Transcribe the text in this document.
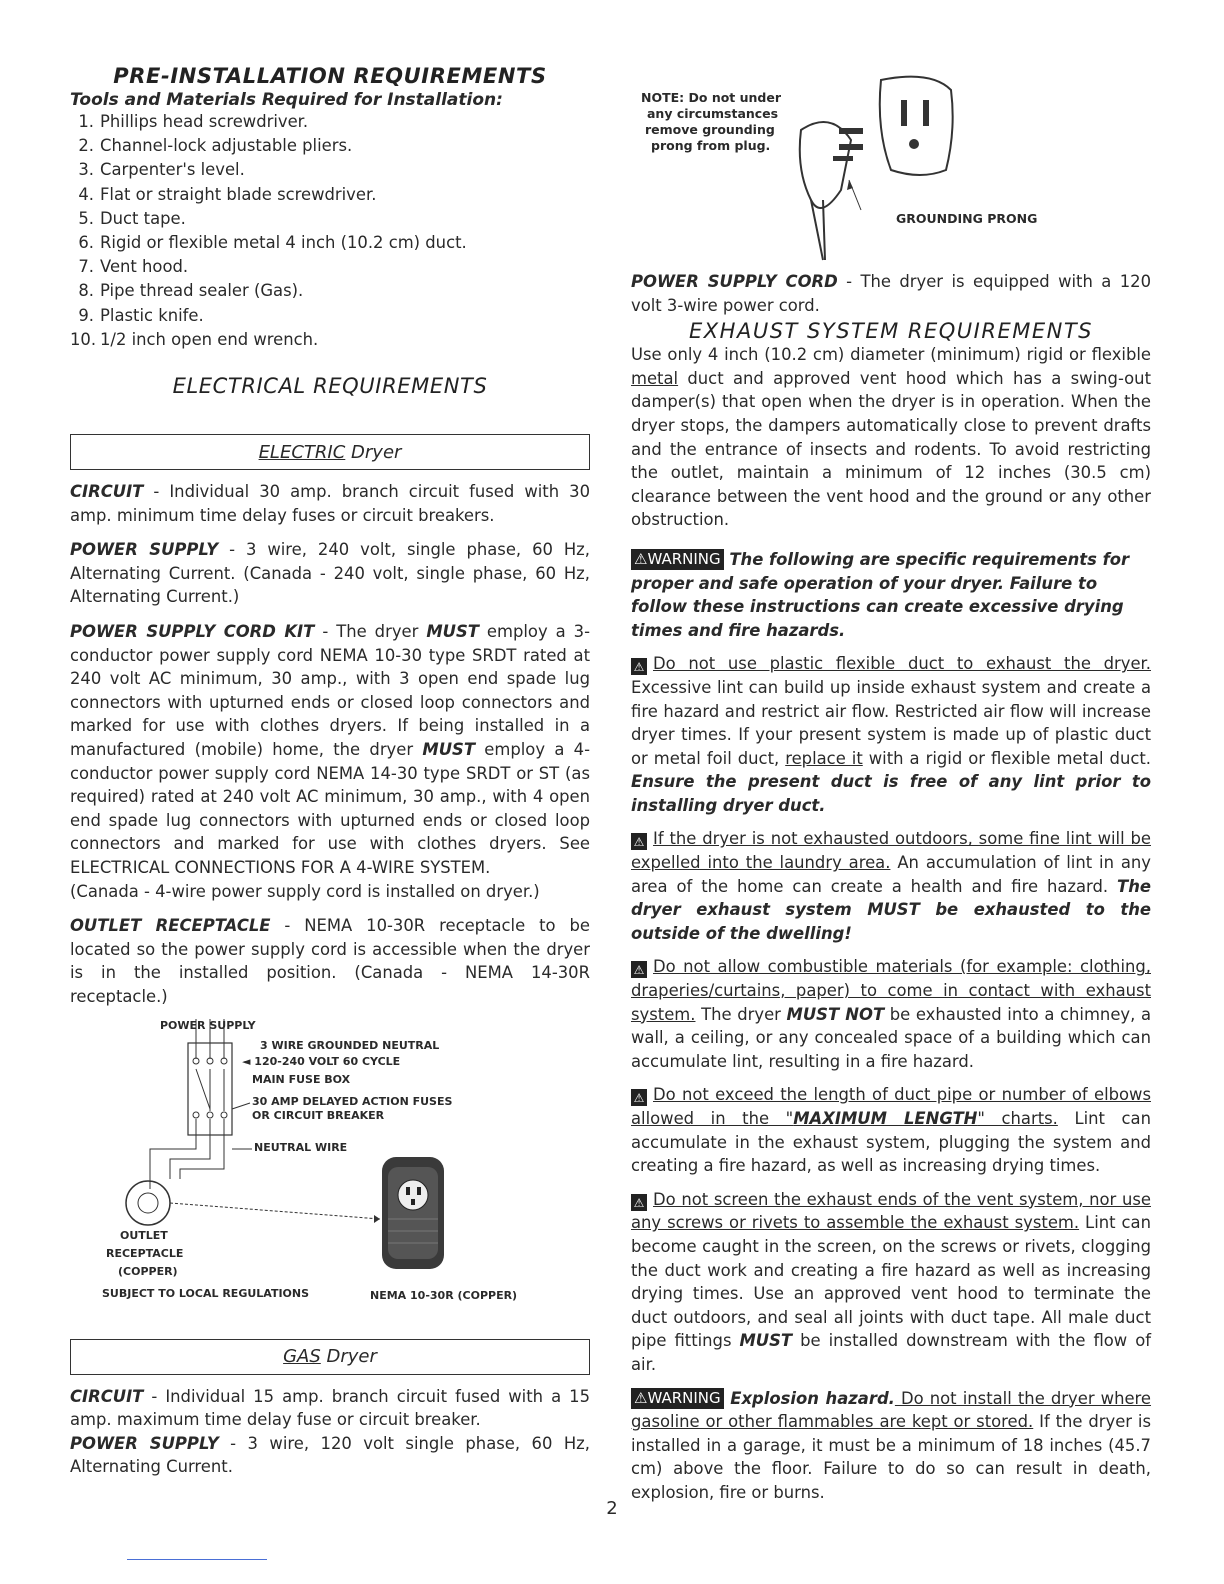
PRE-INSTALLATION REQUIREMENTS
Tools and Materials Required for Installation:
1. Phillips head screwdriver.
2. Channel-lock adjustable pliers.
3. Carpenter's level.
4. Flat or straight blade screwdriver.
5. Duct tape.
6. Rigid or flexible metal 4 inch (10.2 cm) duct.
7. Vent hood.
8. Pipe thread sealer (Gas).
9. Plastic knife.
10. 1/2 inch open end wrench.
ELECTRICAL REQUIREMENTS
ELECTRIC
Dryer

CIRCUIT - Individual 30 amp. branch circuit fused with 30 amp. minimum time delay fuses or circuit breakers.

POWER SUPPLY - 3 wire, 240 volt, single phase, 60 Hz, Alternating Current. (Canada - 240 volt, single phase, 60 Hz, Alternating Current.)

POWER SUPPLY CORD KIT - The dryer MUST employ a 3-conductor power supply cord NEMA 10-30 type SRDT rated at 240 volt AC minimum, 30 amp., with 3 open end spade lug connectors with upturned ends or closed loop connectors and marked for use with clothes dryers. If being installed in a manufactured (mobile) home, the dryer MUST employ a 4-conductor power supply cord NEMA 14-30 type SRDT or ST (as required) rated at 240 volt AC minimum, 30 amp., with 4 open end spade lug connectors with upturned ends or closed loop connectors and marked for use with clothes dryers. See ELECTRICAL CONNECTIONS FOR A 4-WIRE SYSTEM.
(Canada - 4-wire power supply cord is installed on dryer.)

OUTLET RECEPTACLE - NEMA 10-30R receptacle to be located so the power supply cord is accessible when the dryer is in the installed position. (Canada - NEMA 14-30R receptacle.)

POWER SUPPLY
3 WIRE GROUNDED NEUTRAL
◄ 120-240 VOLT 60 CYCLE
MAIN FUSE BOX
30 AMP DELAYED ACTION FUSES
OR CIRCUIT BREAKER
NEUTRAL WIRE
OUTLET
RECEPTACLE
(COPPER)
SUBJECT TO LOCAL REGULATIONS	NEMA 10-30R (COPPER)
GAS
Dryer

CIRCUIT - Individual 15 amp. branch circuit fused with a 15 amp. maximum time delay fuse or circuit breaker.

POWER SUPPLY - 3 wire, 120 volt single phase, 60 Hz, Alternating Current.

NOTE: Do not under
any circumstances
remove grounding
prong from plug.
GROUNDING PRONG

POWER SUPPLY CORD - The dryer is equipped with a 120 volt 3-wire power cord.

EXHAUST SYSTEM REQUIREMENTS

Use only 4 inch (10.2 cm) diameter (minimum) rigid or flexible metal duct and approved vent hood which has a swing-out damper(s) that open when the dryer is in operation. When the dryer stops, the dampers automatically close to prevent drafts and the entrance of insects and rodents. To avoid restricting the outlet, maintain a minimum of 12 inches (30.5 cm) clearance between the vent hood and the ground or any other obstruction.

⚠WARNING The following are specific requirements for proper and safe operation of your dryer. Failure to follow these instructions can create excessive drying times and fire hazards.

⚠ Do not use plastic flexible duct to exhaust the dryer. Excessive lint can build up inside exhaust system and create a fire hazard and restrict air flow. Restricted air flow will increase dryer times. If your present system is made up of plastic duct or metal foil duct, replace it with a rigid or flexible metal duct. Ensure the present duct is free of any lint prior to installing dryer duct.

⚠ If the dryer is not exhausted outdoors, some fine lint will be expelled into the laundry area. An accumulation of lint in any area of the home can create a health and fire hazard. The dryer exhaust system MUST be exhausted to the outside of the dwelling!

⚠ Do not allow combustible materials (for example: clothing, draperies/curtains, paper) to come in contact with exhaust system. The dryer MUST NOT be exhausted into a chimney, a wall, a ceiling, or any concealed space of a building which can accumulate lint, resulting in a fire hazard.

⚠ Do not exceed the length of duct pipe or number of elbows allowed in the "MAXIMUM LENGTH" charts. Lint can accumulate in the exhaust system, plugging the system and creating a fire hazard, as well as increasing drying times.

⚠ Do not screen the exhaust ends of the vent system, nor use any screws or rivets to assemble the exhaust system. Lint can become caught in the screen, on the screws or rivets, clogging the duct work and creating a fire hazard as well as increasing drying times. Use an approved vent hood to terminate the duct outdoors, and seal all joints with duct tape. All male duct pipe fittings MUST be installed downstream with the flow of air.

⚠WARNING Explosion hazard. Do not install the dryer where gasoline or other flammables are kept or stored. If the dryer is installed in a garage, it must be a minimum of 18 inches (45.7 cm) above the floor. Failure to do so can result in death, explosion, fire or burns.

2
